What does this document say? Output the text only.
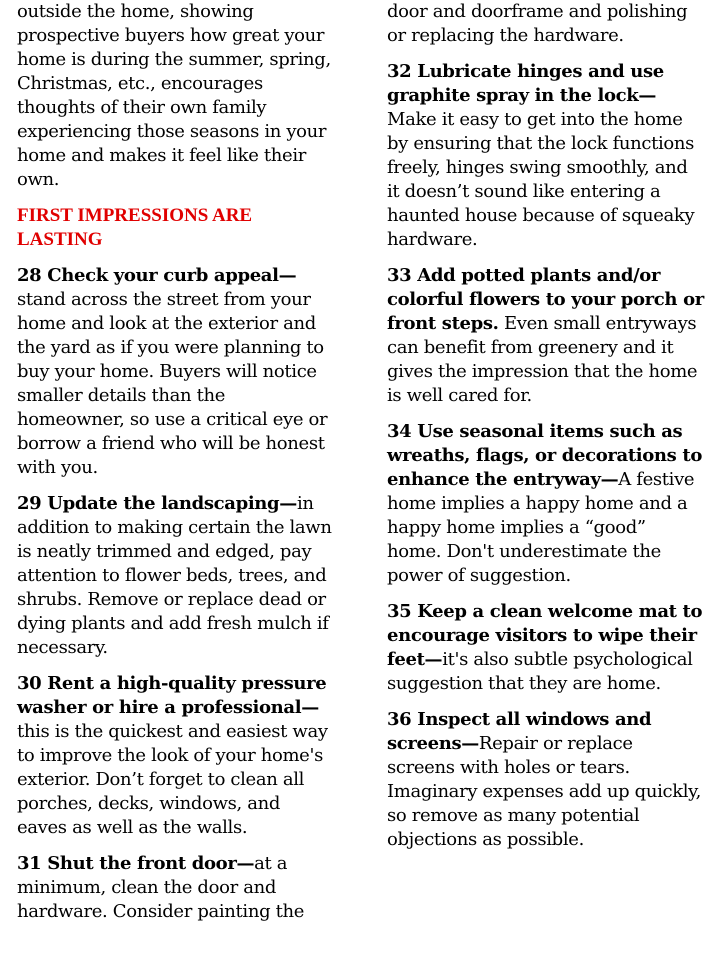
outside the home, showing prospective buyers how great your home is during the summer, spring, Christmas, etc., encourages thoughts of their own family experiencing those seasons in your home and makes it feel like their own.

FIRST IMPRESSIONS ARE LASTING

28 Check your curb appeal—stand across the street from your home and look at the exterior and the yard as if you were planning to buy your home. Buyers will notice smaller details than the homeowner, so use a critical eye or borrow a friend who will be honest with you.

29 Update the landscaping—in addition to making certain the lawn is neatly trimmed and edged, pay attention to flower beds, trees, and shrubs. Remove or replace dead or dying plants and add fresh mulch if necessary.

30 Rent a high-quality pressure washer or hire a professional—this is the quickest and easiest way to improve the look of your home's exterior. Don’t forget to clean all porches, decks, windows, and eaves as well as the walls.

31 Shut the front door—at a minimum, clean the door and hardware. Consider painting the

door and doorframe and polishing or replacing the hardware.

32 Lubricate hinges and use graphite spray in the lock—Make it easy to get into the home by ensuring that the lock functions freely, hinges swing smoothly, and it doesn’t sound like entering a haunted house because of squeaky hardware.

33 Add potted plants and/or colorful flowers to your porch or front steps. Even small entryways can benefit from greenery and it gives the impression that the home is well cared for.

34 Use seasonal items such as wreaths, flags, or decorations to enhance the entryway—A festive home implies a happy home and a happy home implies a “good” home. Don't underestimate the power of suggestion.

35 Keep a clean welcome mat to encourage visitors to wipe their feet—it's also subtle psychological suggestion that they are home.

36 Inspect all windows and screens—Repair or replace screens with holes or tears. Imaginary expenses add up quickly, so remove as many potential objections as possible.
